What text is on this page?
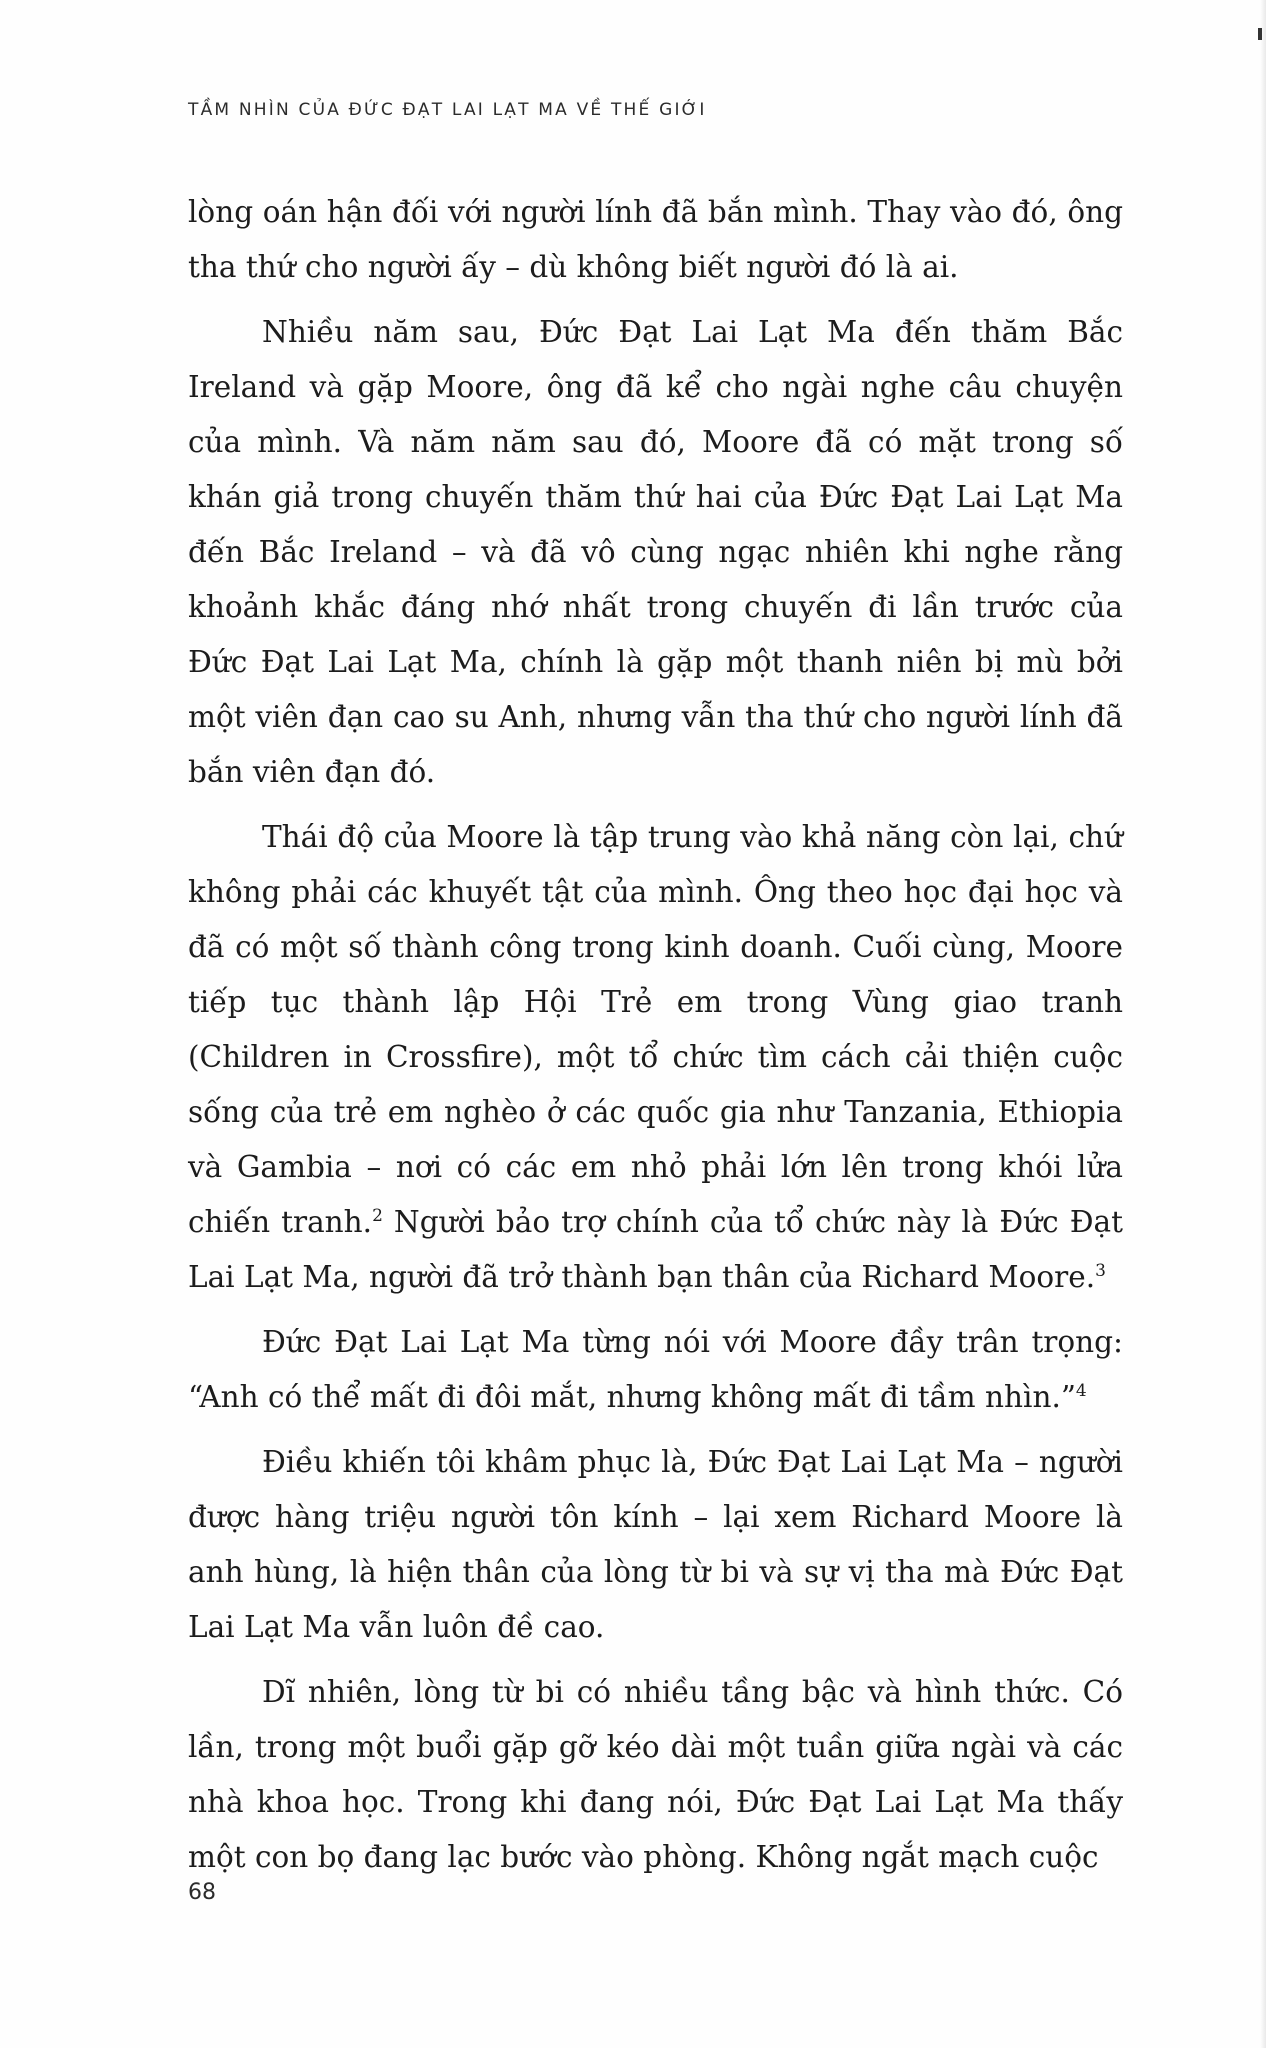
TẦM NHÌN CỦA ĐỨC ĐẠT LAI LẠT MA VỀ THẾ GIỚI

lòng oán hận đối với người lính đã bắn mình. Thay vào đó, ông tha thứ cho người ấy – dù không biết người đó là ai.

Nhiều năm sau, Đức Đạt Lai Lạt Ma đến thăm Bắc Ireland và gặp Moore, ông đã kể cho ngài nghe câu chuyện của mình. Và năm năm sau đó, Moore đã có mặt trong số khán giả trong chuyến thăm thứ hai của Đức Đạt Lai Lạt Ma đến Bắc Ireland – và đã vô cùng ngạc nhiên khi nghe rằng khoảnh khắc đáng nhớ nhất trong chuyến đi lần trước của Đức Đạt Lai Lạt Ma, chính là gặp một thanh niên bị mù bởi một viên đạn cao su Anh, nhưng vẫn tha thứ cho người lính đã bắn viên đạn đó.

Thái độ của Moore là tập trung vào khả năng còn lại, chứ không phải các khuyết tật của mình. Ông theo học đại học và đã có một số thành công trong kinh doanh. Cuối cùng, Moore tiếp tục thành lập Hội Trẻ em trong Vùng giao tranh (Children in Crossfire), một tổ chức tìm cách cải thiện cuộc sống của trẻ em nghèo ở các quốc gia như Tanzania, Ethiopia và Gambia – nơi có các em nhỏ phải lớn lên trong khói lửa chiến tranh.$^2$ Người bảo trợ chính của tổ chức này là Đức Đạt Lai Lạt Ma, người đã trở thành bạn thân của Richard Moore.$^3$

Đức Đạt Lai Lạt Ma từng nói với Moore đầy trân trọng: “Anh có thể mất đi đôi mắt, nhưng không mất đi tầm nhìn.”$^4$

Điều khiến tôi khâm phục là, Đức Đạt Lai Lạt Ma – người được hàng triệu người tôn kính – lại xem Richard Moore là anh hùng, là hiện thân của lòng từ bi và sự vị tha mà Đức Đạt Lai Lạt Ma vẫn luôn đề cao.

Dĩ nhiên, lòng từ bi có nhiều tầng bậc và hình thức. Có lần, trong một buổi gặp gỡ kéo dài một tuần giữa ngài và các nhà khoa học. Trong khi đang nói, Đức Đạt Lai Lạt Ma thấy một con bọ đang lạc bước vào phòng. Không ngắt mạch cuộc

68
